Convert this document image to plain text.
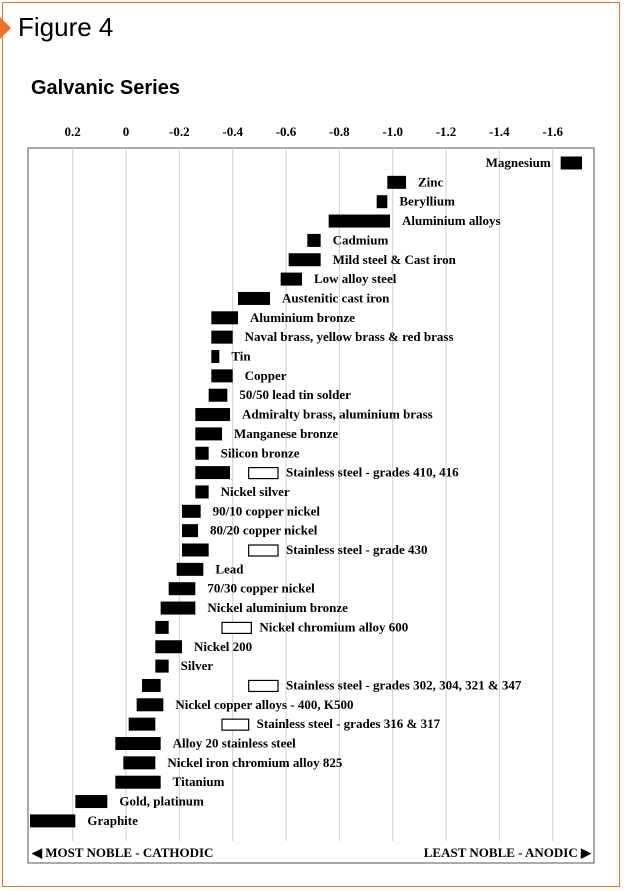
Figure 4
Galvanic Series
0.2	0	-0.2	-0.4	-0.6	-0.8	-1.0	-1.2	-1.4	-1.6
Magnesium
Zinc
Beryllium
Aluminium alloys
Cadmium
Mild steel & Cast iron
Low alloy steel
Austenitic cast iron
Aluminium bronze
Naval brass, yellow brass & red brass
Tin
Copper
50/50 lead tin solder
Admiralty brass, aluminium brass
Manganese bronze
Silicon bronze
Stainless steel - grades 410, 416
Nickel silver
90/10 copper nickel
80/20 copper nickel
Stainless steel - grade 430
Lead
70/30 copper nickel
Nickel aluminium bronze
Nickel chromium alloy 600
Nickel 200
Silver
Stainless steel - grades 302, 304, 321 & 347
Nickel copper alloys - 400, K500
Stainless steel - grades 316 & 317
Alloy 20 stainless steel
Nickel iron chromium alloy 825
Titanium
Gold, platinum
Graphite
◀ MOST NOBLE - CATHODIC	LEAST NOBLE - ANODIC ▶
